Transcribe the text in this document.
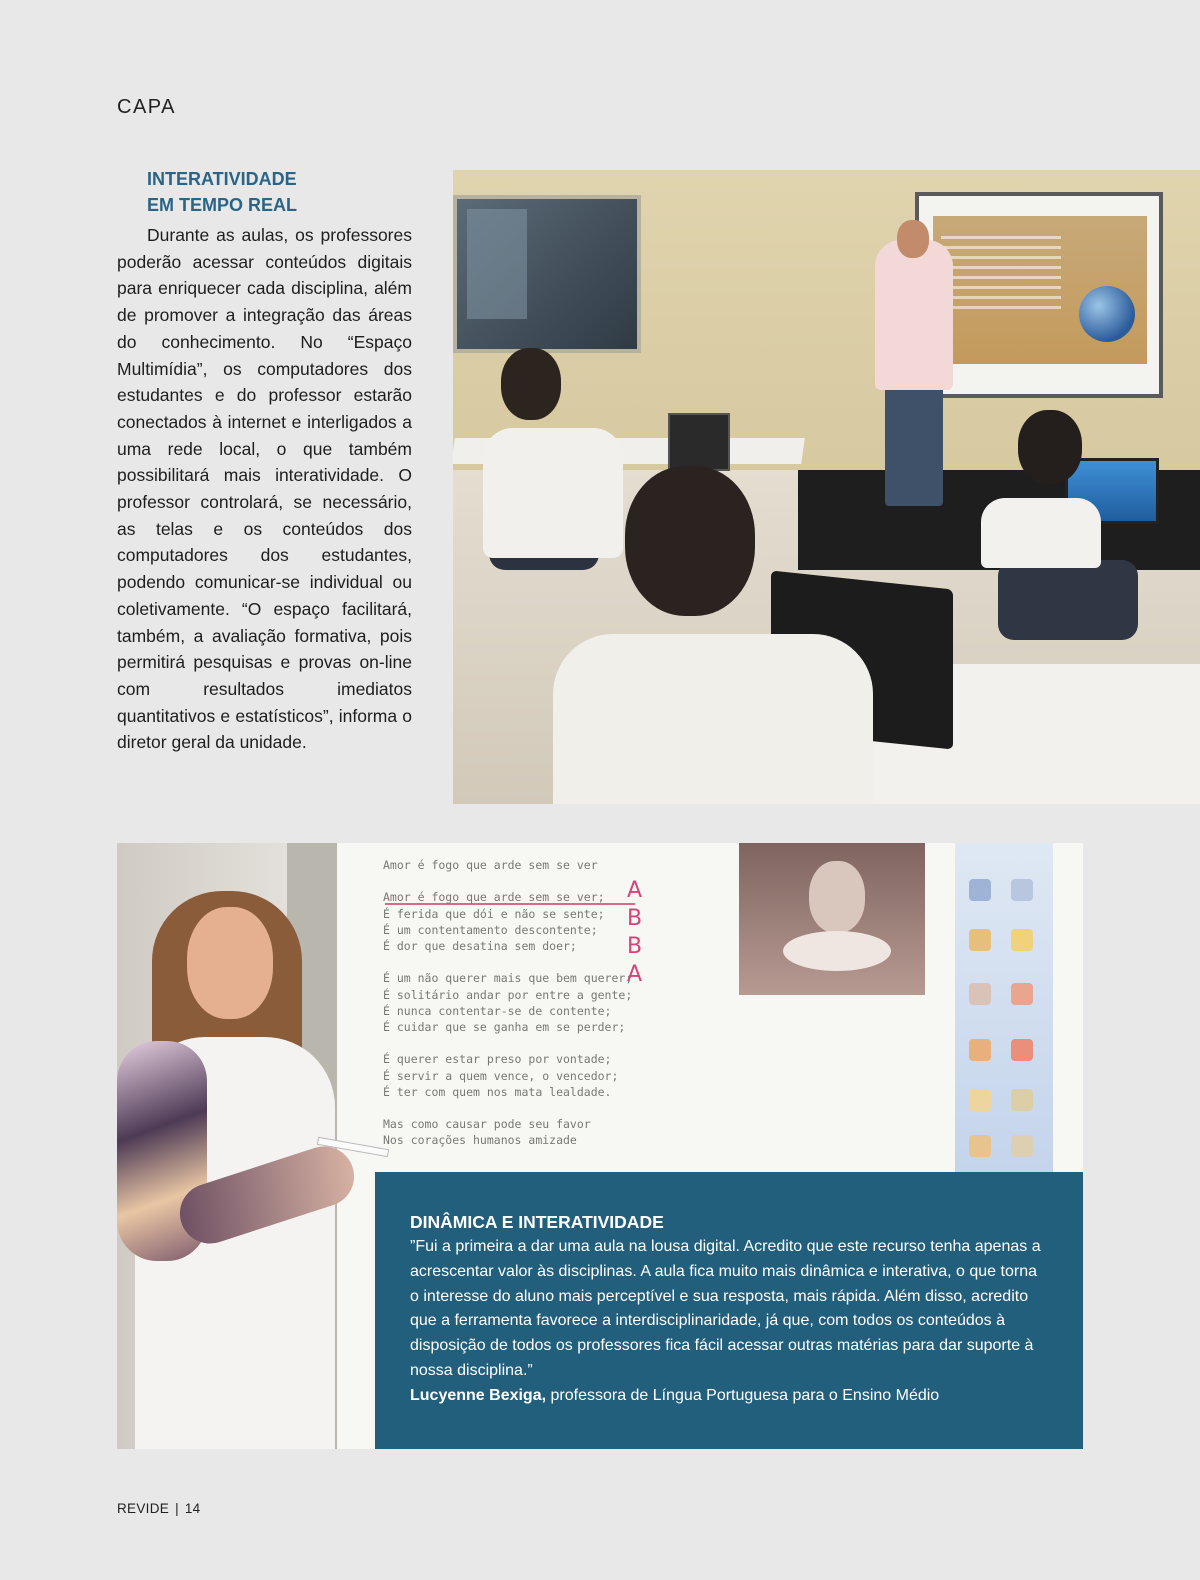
CAPA
INTERATIVIDADE
EM TEMPO REAL

Durante as aulas, os professores poderão acessar conteúdos digitais para enriquecer cada disciplina, além de promover a integração das áreas do conhecimento. No “Espaço Multimídia”, os computadores dos estudantes e do professor estarão conectados à internet e interligados a uma rede local, o que também possibilitará mais interatividade. O professor controlará, se necessário, as telas e os conteúdos dos computadores dos estudantes, podendo comunicar-se individual ou coletivamente. “O espaço facilitará, também, a avaliação formativa, pois permitirá pesquisas e provas on-line com resultados imediatos quantitativos e estatísticos”, informa o diretor geral da unidade.

Amor é fogo que arde sem se ver

Amor é fogo que arde sem se ver;
É ferida que dói e não se sente;
É um contentamento descontente;
É dor que desatina sem doer;

É um não querer mais que bem querer;
É solitário andar por entre a gente;
É nunca contentar-se de contente;
É cuidar que se ganha em se perder;

É querer estar preso por vontade;
É servir a quem vence, o vencedor;
É ter com quem nos mata lealdade.

Mas como causar pode seu favor
Nos corações humanos amizade
A
B
B
A

DINÂMICA E INTERATIVIDADE

”Fui a primeira a dar uma aula na lousa digital. Acredito que este recurso tenha apenas a acrescentar valor às disciplinas. A aula fica muito mais dinâmica e interativa, o que torna o interesse do aluno mais perceptível e sua resposta, mais rápida. Além disso, acredito que a ferramenta favorece a interdisciplinaridade, já que, com todos os conteúdos à disposição de todos os professores fica fácil acessar outras matérias para dar suporte à nossa disciplina.”

Lucyenne Bexiga, professora de Língua Portuguesa para o Ensino Médio

REVIDE | 14
